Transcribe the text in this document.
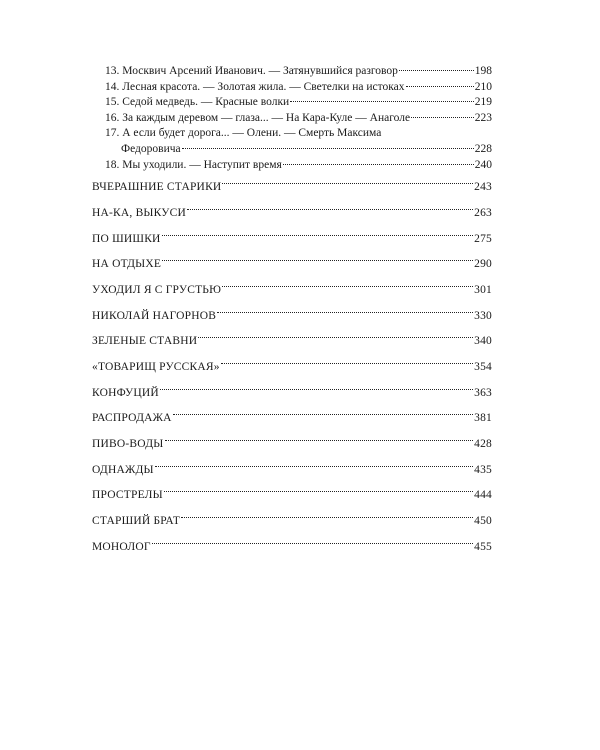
13. Москвич Арсений Иванович. — Затянувшийся разговор	198
14. Лесная красота. — Золотая жила. — Светелки на истоках	210
15. Седой медведь. — Красные волки	219
16. За каждым деревом — глаза... — На Кара-Куле — Анаголе	223
17. А если будет дорога... — Олени. — Смерть Максима
Федоровича	228
18. Мы уходили. — Наступит время	240
ВЧЕРАШНИЕ СТАРИКИ	243
НА-КА, ВЫКУСИ	263
ПО ШИШКИ	275
НА ОТДЫХЕ	290
УХОДИЛ Я С ГРУСТЬЮ	301
НИКОЛАЙ НАГОРНОВ	330
ЗЕЛЕНЫЕ СТАВНИ	340
«ТОВАРИЩ РУССКАЯ»	354
КОНФУЦИЙ	363
РАСПРОДАЖА	381
ПИВО-ВОДЫ	428
ОДНАЖДЫ	435
ПРОСТРЕЛЫ	444
СТАРШИЙ БРАТ	450
МОНОЛОГ	455
